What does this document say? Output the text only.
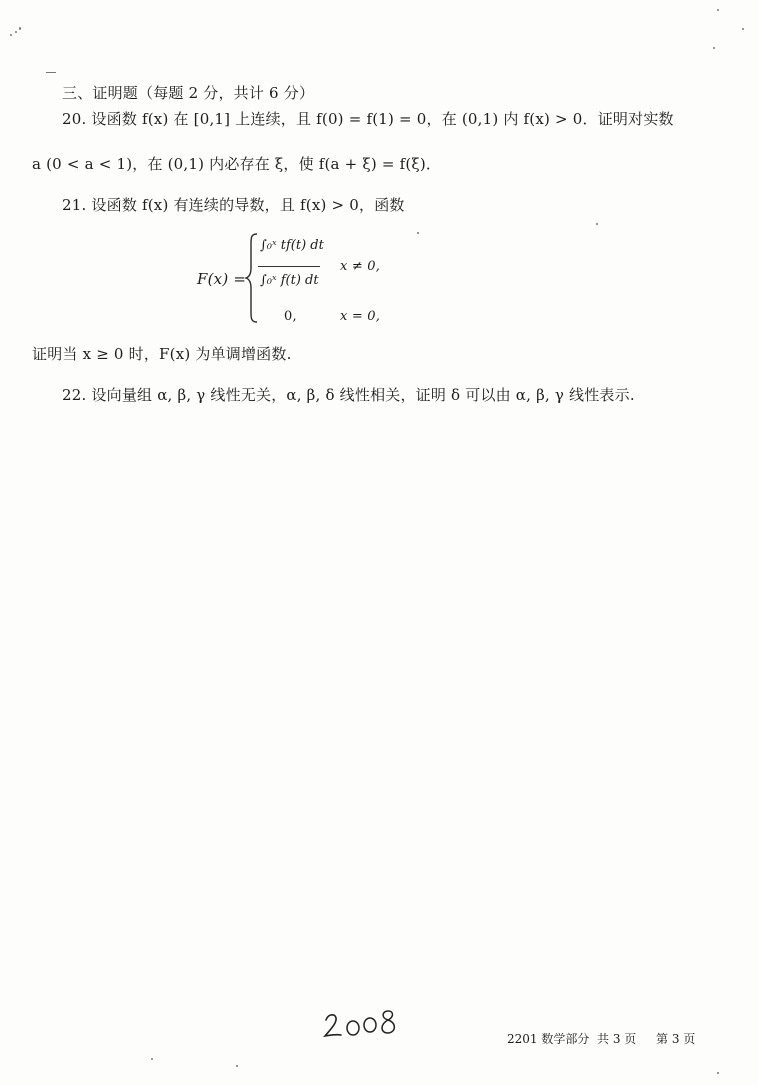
三、证明题（每题 2 分，共计 6 分）
20. 设函数 f(x) 在 [0,1] 上连续，且 f(0) = f(1) = 0，在 (0,1) 内 f(x) > 0．证明对实数
a (0 < a < 1)，在 (0,1) 内必存在 ξ，使 f(a + ξ) = f(ξ)．
21. 设函数 f(x) 有连续的导数，且 f(x) > 0，函数
F(x) =
∫₀ˣ tf(t) dt
∫₀ˣ f(t) dt
x ≠ 0,
0,	x = 0,
证明当 x ≥ 0 时，F(x) 为单调增函数.
22. 设向量组 α, β, γ 线性无关，α, β, δ 线性相关，证明 δ 可以由 α, β, γ 线性表示.
2201 数学部分 共 3 页 第 3 页
